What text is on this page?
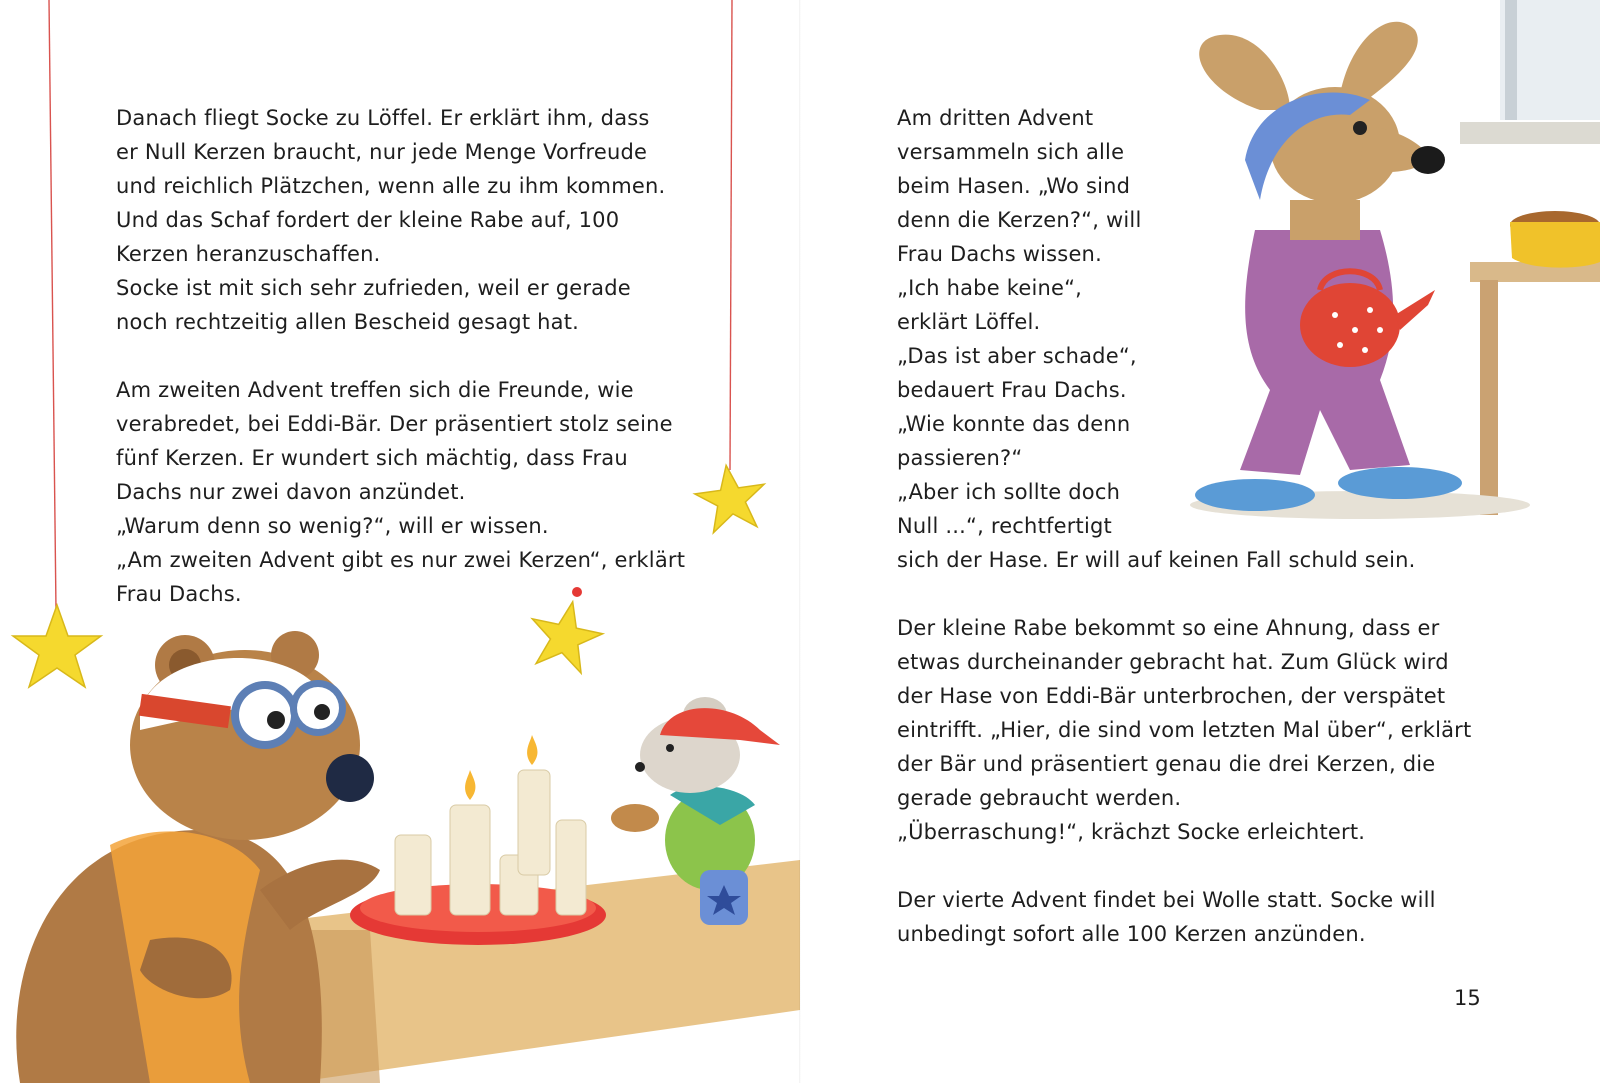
Danach fliegt Socke zu Löffel. Er erklärt ihm, dass
er Null Kerzen braucht, nur jede Menge Vorfreude
und reichlich Plätzchen, wenn alle zu ihm kommen.
Und das Schaf fordert der kleine Rabe auf, 100
Kerzen heranzuschaffen.
Socke ist mit sich sehr zufrieden, weil er gerade
noch rechtzeitig allen Bescheid gesagt hat.

Am zweiten Advent treffen sich die Freunde, wie
verabredet, bei Eddi-Bär. Der präsentiert stolz seine
fünf Kerzen. Er wundert sich mächtig, dass Frau
Dachs nur zwei davon anzündet.
„Warum denn so wenig?“, will er wissen.
„Am zweiten Advent gibt es nur zwei Kerzen“, erklärt
Frau Dachs.

Am dritten Advent
versammeln sich alle
beim Hasen. „Wo sind
denn die Kerzen?“, will
Frau Dachs wissen.
„Ich habe keine“,
erklärt Löffel.
„Das ist aber schade“,
bedauert Frau Dachs.
„Wie konnte das denn
passieren?“
„Aber ich sollte doch
Null ...“, rechtfertigt

sich der Hase. Er will auf keinen Fall schuld sein.

Der kleine Rabe bekommt so eine Ahnung, dass er
etwas durcheinander gebracht hat. Zum Glück wird
der Hase von Eddi-Bär unterbrochen, der verspätet
eintrifft. „Hier, die sind vom letzten Mal über“, erklärt
der Bär und präsentiert genau die drei Kerzen, die
gerade gebraucht werden.
„Überraschung!“, krächzt Socke erleichtert.

Der vierte Advent findet bei Wolle statt. Socke will
unbedingt sofort alle 100 Kerzen anzünden.

15
